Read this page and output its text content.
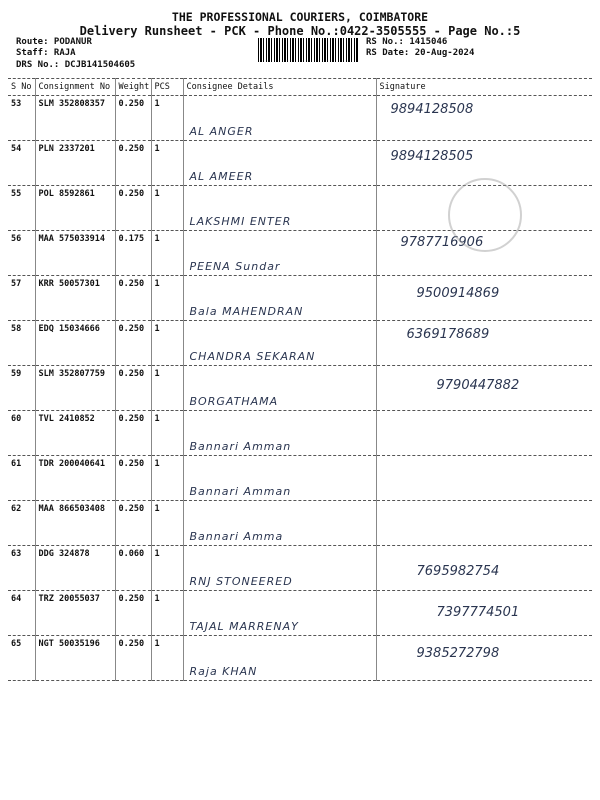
THE PROFESSIONAL COURIERS, COIMBATORE
Delivery Runsheet - PCK - Phone No.:0422-3505555 - Page No.:5
Route: PODANUR
Staff: RAJA
DRS No.: DCJB141504605
RS No.: 1415046
RS Date: 20-Aug-2024
S No	Consignment No	Weight	PCS	Consignee Details	Signature
53	SLM 352808357	0.250	1	AL ANGER	9894128508

54	PLN 2337201	0.250	1	AL AMEER	9894128505

55	POL 8592861	0.250	1	LAKSHMI ENTER	

56	MAA 575033914	0.175	1	PEENA Sundar	9787716906

57	KRR 50057301	0.250	1	Bala MAHENDRAN	9500914869

58	EDQ 15034666	0.250	1	CHANDRA SEKARAN	6369178689

59	SLM 352807759	0.250	1	BORGATHAMA	9790447882

60	TVL 2410852	0.250	1	Bannari Amman	

61	TDR 200040641	0.250	1	Bannari Amman	

62	MAA 866503408	0.250	1	Bannari Amma	

63	DDG 324878	0.060	1	RNJ STONEERED	7695982754

64	TRZ 20055037	0.250	1	TAJAL MARRENAY	7397774501

65	NGT 50035196	0.250	1	Raja KHAN	9385272798
